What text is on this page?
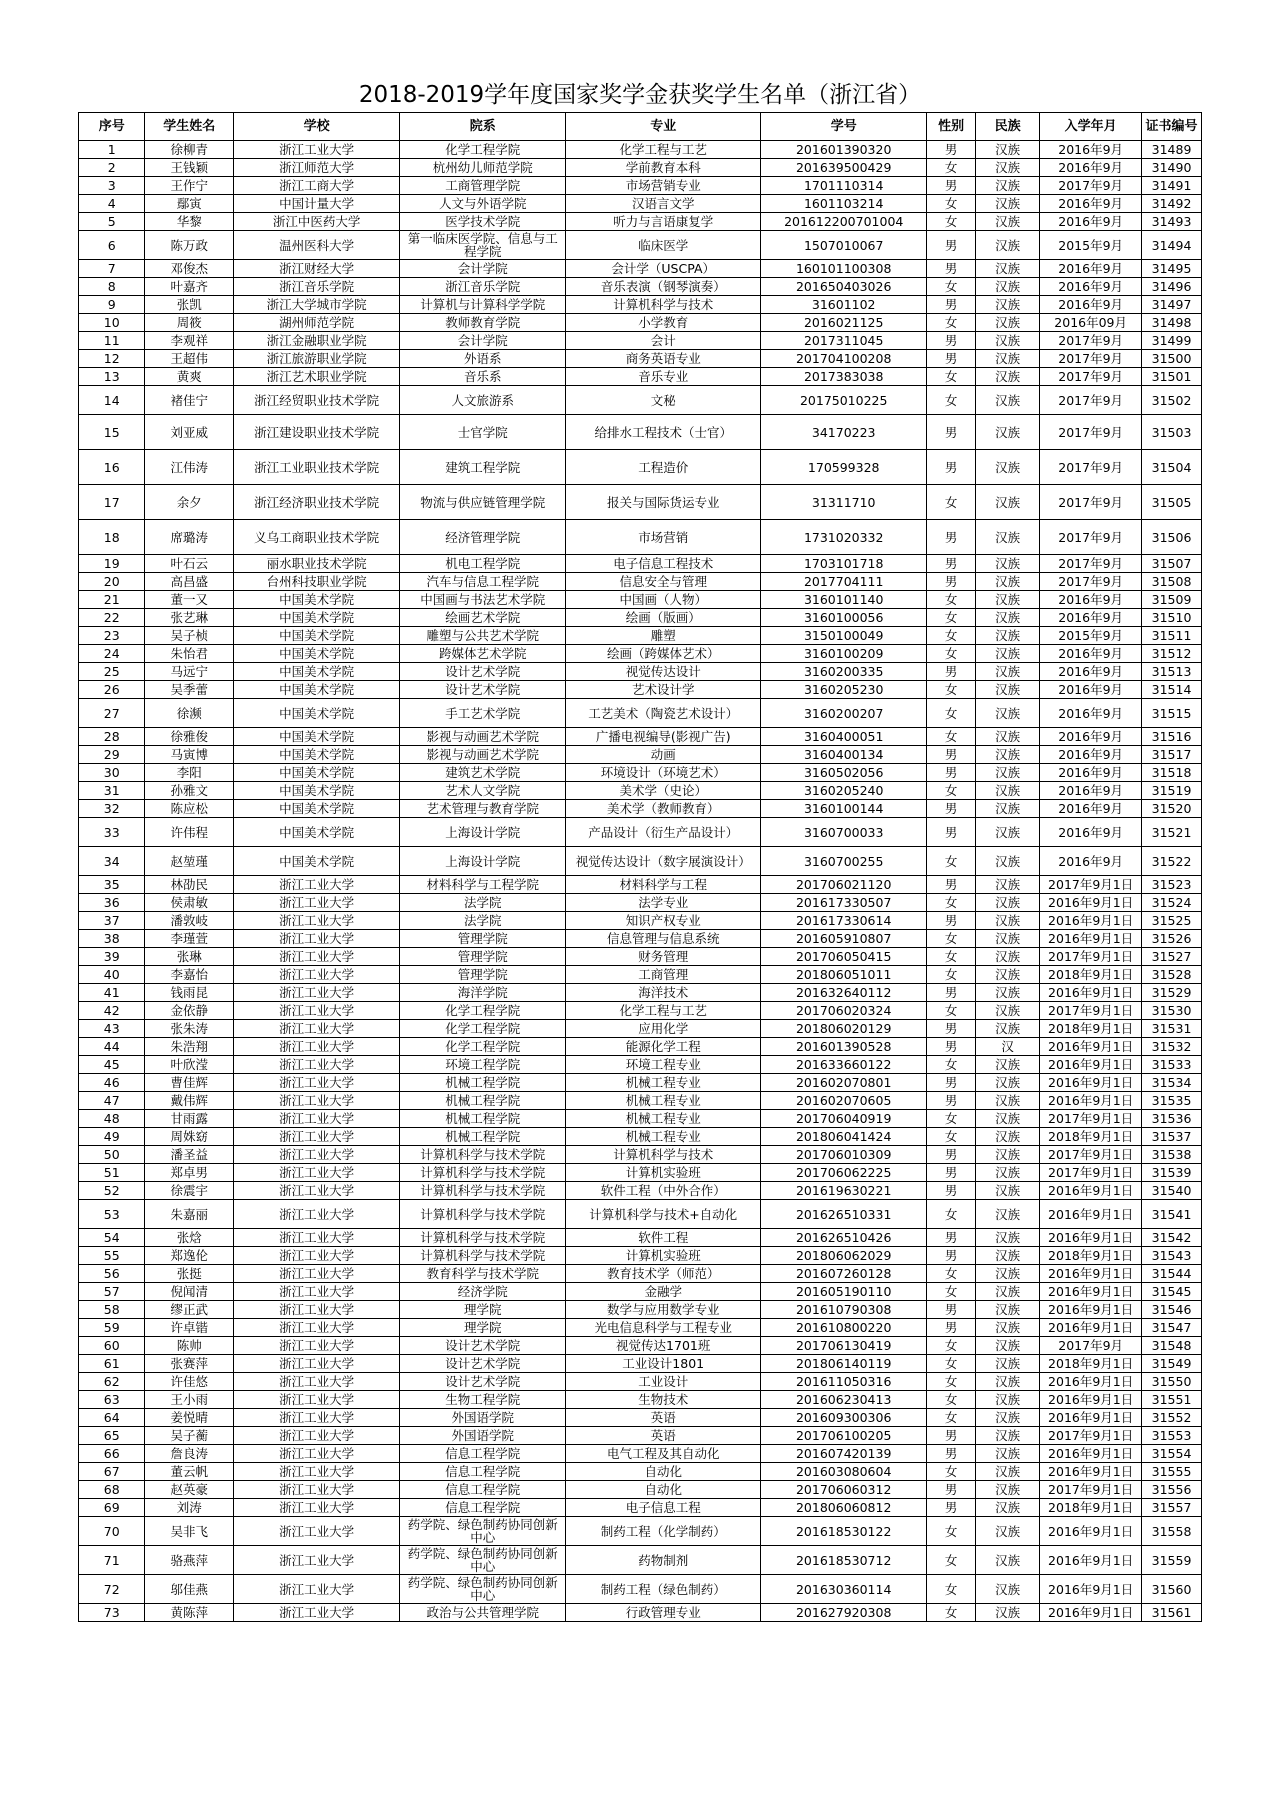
2018-2019学年度国家奖学金获奖学生名单（浙江省）
序号	学生姓名	学校	院系	专业	学号	性别	民族	入学年月	证书编号
1	徐柳青	浙江工业大学	化学工程学院	化学工程与工艺	201601390320	男	汉族	2016年9月	31489
2	王钱颖	浙江师范大学	杭州幼儿师范学院	学前教育本科	201639500429	女	汉族	2016年9月	31490
3	王作宁	浙江工商大学	工商管理学院	市场营销专业	1701110314	男	汉族	2017年9月	31491
4	鄢寅	中国计量大学	人文与外语学院	汉语言文学	1601103214	女	汉族	2016年9月	31492
5	华黎	浙江中医药大学	医学技术学院	听力与言语康复学	201612200701004	女	汉族	2016年9月	31493
6	陈万政	温州医科大学	第一临床医学院、信息与工程学院	临床医学	1507010067	男	汉族	2015年9月	31494
7	邓俊杰	浙江财经大学	会计学院	会计学（USCPA）	160101100308	男	汉族	2016年9月	31495
8	叶嘉齐	浙江音乐学院	浙江音乐学院	音乐表演（钢琴演奏）	201650403026	女	汉族	2016年9月	31496
9	张凯	浙江大学城市学院	计算机与计算科学学院	计算机科学与技术	31601102	男	汉族	2016年9月	31497
10	周筱	湖州师范学院	教师教育学院	小学教育	2016021125	女	汉族	2016年09月	31498
11	李观祥	浙江金融职业学院	会计学院	会计	2017311045	男	汉族	2017年9月	31499
12	王超伟	浙江旅游职业学院	外语系	商务英语专业	201704100208	男	汉族	2017年9月	31500
13	黄爽	浙江艺术职业学院	音乐系	音乐专业	2017383038	女	汉族	2017年9月	31501
14	褚佳宁	浙江经贸职业技术学院	人文旅游系	文秘	20175010225	女	汉族	2017年9月	31502
15	刘亚威	浙江建设职业技术学院	士官学院	给排水工程技术（士官）	34170223	男	汉族	2017年9月	31503
16	江伟涛	浙江工业职业技术学院	建筑工程学院	工程造价	170599328	男	汉族	2017年9月	31504
17	余夕	浙江经济职业技术学院	物流与供应链管理学院	报关与国际货运专业	31311710	女	汉族	2017年9月	31505
18	席璐涛	义乌工商职业技术学院	经济管理学院	市场营销	1731020332	男	汉族	2017年9月	31506
19	叶石云	丽水职业技术学院	机电工程学院	电子信息工程技术	1703101718	男	汉族	2017年9月	31507
20	高昌盛	台州科技职业学院	汽车与信息工程学院	信息安全与管理	2017704111	男	汉族	2017年9月	31508
21	董一又	中国美术学院	中国画与书法艺术学院	中国画（人物）	3160101140	女	汉族	2016年9月	31509
22	张艺琳	中国美术学院	绘画艺术学院	绘画（版画）	3160100056	女	汉族	2016年9月	31510
23	吴子桢	中国美术学院	雕塑与公共艺术学院	雕塑	3150100049	女	汉族	2015年9月	31511
24	朱怡君	中国美术学院	跨媒体艺术学院	绘画（跨媒体艺术）	3160100209	女	汉族	2016年9月	31512
25	马远宁	中国美术学院	设计艺术学院	视觉传达设计	3160200335	男	汉族	2016年9月	31513
26	吴季蕾	中国美术学院	设计艺术学院	艺术设计学	3160205230	女	汉族	2016年9月	31514
27	徐濒	中国美术学院	手工艺术学院	工艺美术（陶瓷艺术设计）	3160200207	女	汉族	2016年9月	31515
28	徐雅俊	中国美术学院	影视与动画艺术学院	广播电视编导(影视广告)	3160400051	女	汉族	2016年9月	31516
29	马寅博	中国美术学院	影视与动画艺术学院	动画	3160400134	男	汉族	2016年9月	31517
30	李阳	中国美术学院	建筑艺术学院	环境设计（环境艺术）	3160502056	男	汉族	2016年9月	31518
31	孙雅文	中国美术学院	艺术人文学院	美术学（史论）	3160205240	女	汉族	2016年9月	31519
32	陈应松	中国美术学院	艺术管理与教育学院	美术学（教师教育）	3160100144	男	汉族	2016年9月	31520
33	许伟程	中国美术学院	上海设计学院	产品设计（衍生产品设计）	3160700033	男	汉族	2016年9月	31521
34	赵堃瑾	中国美术学院	上海设计学院	视觉传达设计（数字展演设计）	3160700255	女	汉族	2016年9月	31522
35	林劭民	浙江工业大学	材料科学与工程学院	材料科学与工程	201706021120	男	汉族	2017年9月1日	31523
36	侯肃敏	浙江工业大学	法学院	法学专业	201617330507	女	汉族	2016年9月1日	31524
37	潘敦岐	浙江工业大学	法学院	知识产权专业	201617330614	男	汉族	2016年9月1日	31525
38	李瑾萱	浙江工业大学	管理学院	信息管理与信息系统	201605910807	女	汉族	2016年9月1日	31526
39	张琳	浙江工业大学	管理学院	财务管理	201706050415	女	汉族	2017年9月1日	31527
40	李嘉怡	浙江工业大学	管理学院	工商管理	201806051011	女	汉族	2018年9月1日	31528
41	钱雨昆	浙江工业大学	海洋学院	海洋技术	201632640112	男	汉族	2016年9月1日	31529
42	金依静	浙江工业大学	化学工程学院	化学工程与工艺	201706020324	女	汉族	2017年9月1日	31530
43	张朱涛	浙江工业大学	化学工程学院	应用化学	201806020129	男	汉族	2018年9月1日	31531
44	朱浩翔	浙江工业大学	化学工程学院	能源化学工程	201601390528	男	汉	2016年9月1日	31532
45	叶欣滢	浙江工业大学	环境工程学院	环境工程专业	201633660122	女	汉族	2016年9月1日	31533
46	曹佳辉	浙江工业大学	机械工程学院	机械工程专业	201602070801	男	汉族	2016年9月1日	31534
47	戴伟辉	浙江工业大学	机械工程学院	机械工程专业	201602070605	男	汉族	2016年9月1日	31535
48	甘雨露	浙江工业大学	机械工程学院	机械工程专业	201706040919	女	汉族	2017年9月1日	31536
49	周姝窈	浙江工业大学	机械工程学院	机械工程专业	201806041424	女	汉族	2018年9月1日	31537
50	潘圣益	浙江工业大学	计算机科学与技术学院	计算机科学与技术	201706010309	男	汉族	2017年9月1日	31538
51	郑卓男	浙江工业大学	计算机科学与技术学院	计算机实验班	201706062225	男	汉族	2017年9月1日	31539
52	徐震宇	浙江工业大学	计算机科学与技术学院	软件工程（中外合作）	201619630221	男	汉族	2016年9月1日	31540
53	朱嘉丽	浙江工业大学	计算机科学与技术学院	计算机科学与技术+自动化	201626510331	女	汉族	2016年9月1日	31541
54	张焓	浙江工业大学	计算机科学与技术学院	软件工程	201626510426	男	汉族	2016年9月1日	31542
55	郑逸伦	浙江工业大学	计算机科学与技术学院	计算机实验班	201806062029	男	汉族	2018年9月1日	31543
56	张挺	浙江工业大学	教育科学与技术学院	教育技术学（师范）	201607260128	女	汉族	2016年9月1日	31544
57	倪闻清	浙江工业大学	经济学院	金融学	201605190110	女	汉族	2016年9月1日	31545
58	缪正武	浙江工业大学	理学院	数学与应用数学专业	201610790308	男	汉族	2016年9月1日	31546
59	许卓锴	浙江工业大学	理学院	光电信息科学与工程专业	201610800220	男	汉族	2016年9月1日	31547
60	陈帅	浙江工业大学	设计艺术学院	视觉传达1701班	201706130419	女	汉族	2017年9月	31548
61	张赛萍	浙江工业大学	设计艺术学院	工业设计1801	201806140119	女	汉族	2018年9月1日	31549
62	许佳悠	浙江工业大学	设计艺术学院	工业设计	201611050316	女	汉族	2016年9月1日	31550
63	王小雨	浙江工业大学	生物工程学院	生物技术	201606230413	女	汉族	2016年9月1日	31551
64	姜悦晴	浙江工业大学	外国语学院	英语	201609300306	女	汉族	2016年9月1日	31552
65	吴子蘅	浙江工业大学	外国语学院	英语	201706100205	男	汉族	2017年9月1日	31553
66	詹良涛	浙江工业大学	信息工程学院	电气工程及其自动化	201607420139	男	汉族	2016年9月1日	31554
67	董云帆	浙江工业大学	信息工程学院	自动化	201603080604	女	汉族	2016年9月1日	31555
68	赵英豪	浙江工业大学	信息工程学院	自动化	201706060312	男	汉族	2017年9月1日	31556
69	刘涛	浙江工业大学	信息工程学院	电子信息工程	201806060812	男	汉族	2018年9月1日	31557
70	吴非飞	浙江工业大学	药学院、绿色制药协同创新中心	制药工程（化学制药）	201618530122	女	汉族	2016年9月1日	31558
71	骆燕萍	浙江工业大学	药学院、绿色制药协同创新中心	药物制剂	201618530712	女	汉族	2016年9月1日	31559
72	邬佳燕	浙江工业大学	药学院、绿色制药协同创新中心	制药工程（绿色制药）	201630360114	女	汉族	2016年9月1日	31560
73	黄陈萍	浙江工业大学	政治与公共管理学院	行政管理专业	201627920308	女	汉族	2016年9月1日	31561
